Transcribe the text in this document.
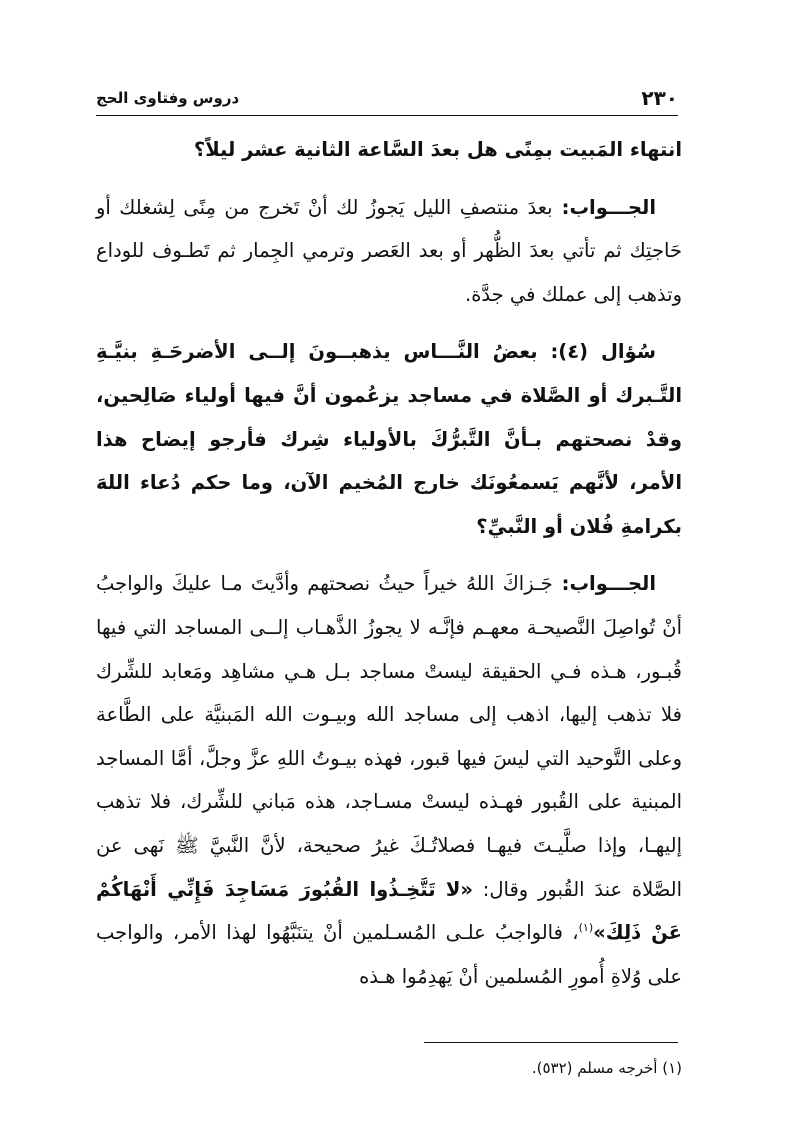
٢٣٠
دروس وفتاوى الحج

انتهاء المَبيت بمِنًى هل بعدَ السَّاعة الثانية عشر ليلاً؟

الجـــواب: بعدَ منتصفِ الليل يَجوزُ لك أنْ تَخرج من مِنًى لِشغلك أو حَاجتِك ثم تأتي بعدَ الظُّهر أو بعد العَصر وترمي الجِمار ثم تَطـوف للوداع وتذهب إلى عملك في جدَّة.

سُؤال (٤): بعضُ النَّـــاس يذهبــونَ إلــى الأضرحَـةِ بنيَّـةِ التَّـبرك أو الصَّلاة في مساجد يزعُمون أنَّ فيها أولياء صَالِحين، وقدْ نصحتهم بـأنَّ التَّبرُّكَ بالأولياء شِرك فأرجو إيضاح هذا الأمر، لأنَّهم يَسمعُونَك خارج المُخيم الآن، وما حكم دُعاء اللهَ بكرامةِ فُلان أو النَّبيِّ؟

الجـــواب: جَـزاكَ اللهُ خيراً حيثُ نصحتهم وأدَّيتَ مـا عليكَ والواجبُ أنْ تُواصِلَ النَّصيحـة معهـم فإنَّـه لا يجوزُ الذَّهـاب إلــى المساجد التي فيها قُبـور، هـذه فـي الحقيقة ليستْ مساجد بـل هـي مشاهِد ومَعابد للشِّرك فلا تذهب إليها، اذهب إلى مساجد الله وبيـوت الله المَبنيَّة على الطَّاعة وعلى التَّوحيد التي ليسَ فيها قبور، فهذه بيـوتُ اللهِ عزَّ وجلَّ، أمَّا المساجد المبنية على القُبور فهـذه ليستْ مسـاجد، هذه مَباني للشِّرك، فلا تذهب إليهـا، وإذا صلَّيـتَ فيهـا فصلاتُـكَ غيرُ صحيحة، لأنَّ النَّبيَّ ﷺ نَهى عن الصَّلاة عندَ القُبور وقال: «لا تَتَّخِـذُوا القُبُورَ مَسَاجِدَ فَإِنِّي أَنْهَاكُمْ عَنْ ذَلِكَ»$^{(١)}$، فالواجبُ علـى المُسـلمين أنْ يتنَبَّهُوا لهذا الأمر، والواجب على وُلاةِ أُمورِ المُسلمين أنْ يَهدِمُوا هـذه

(١) أخرجه مسلم (٥٣٢).
